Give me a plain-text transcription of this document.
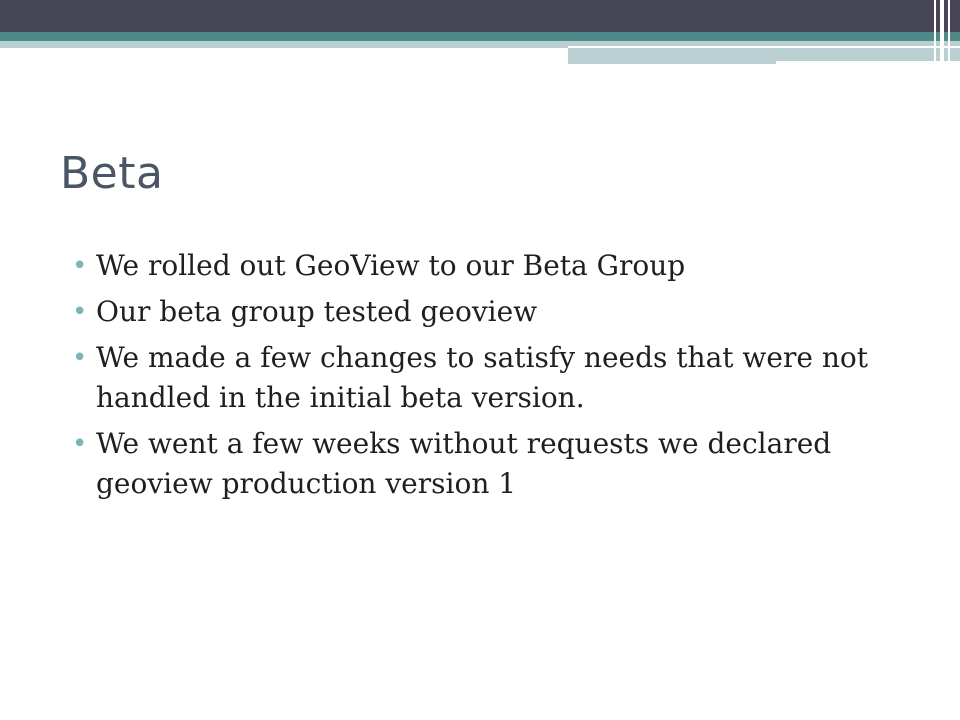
Beta
• We rolled out GeoView to our Beta Group
• Our beta group tested geoview
• We made a few changes to satisfy needs that were not handled in the initial beta version.
• We went a few weeks without requests we declared geoview production version 1
